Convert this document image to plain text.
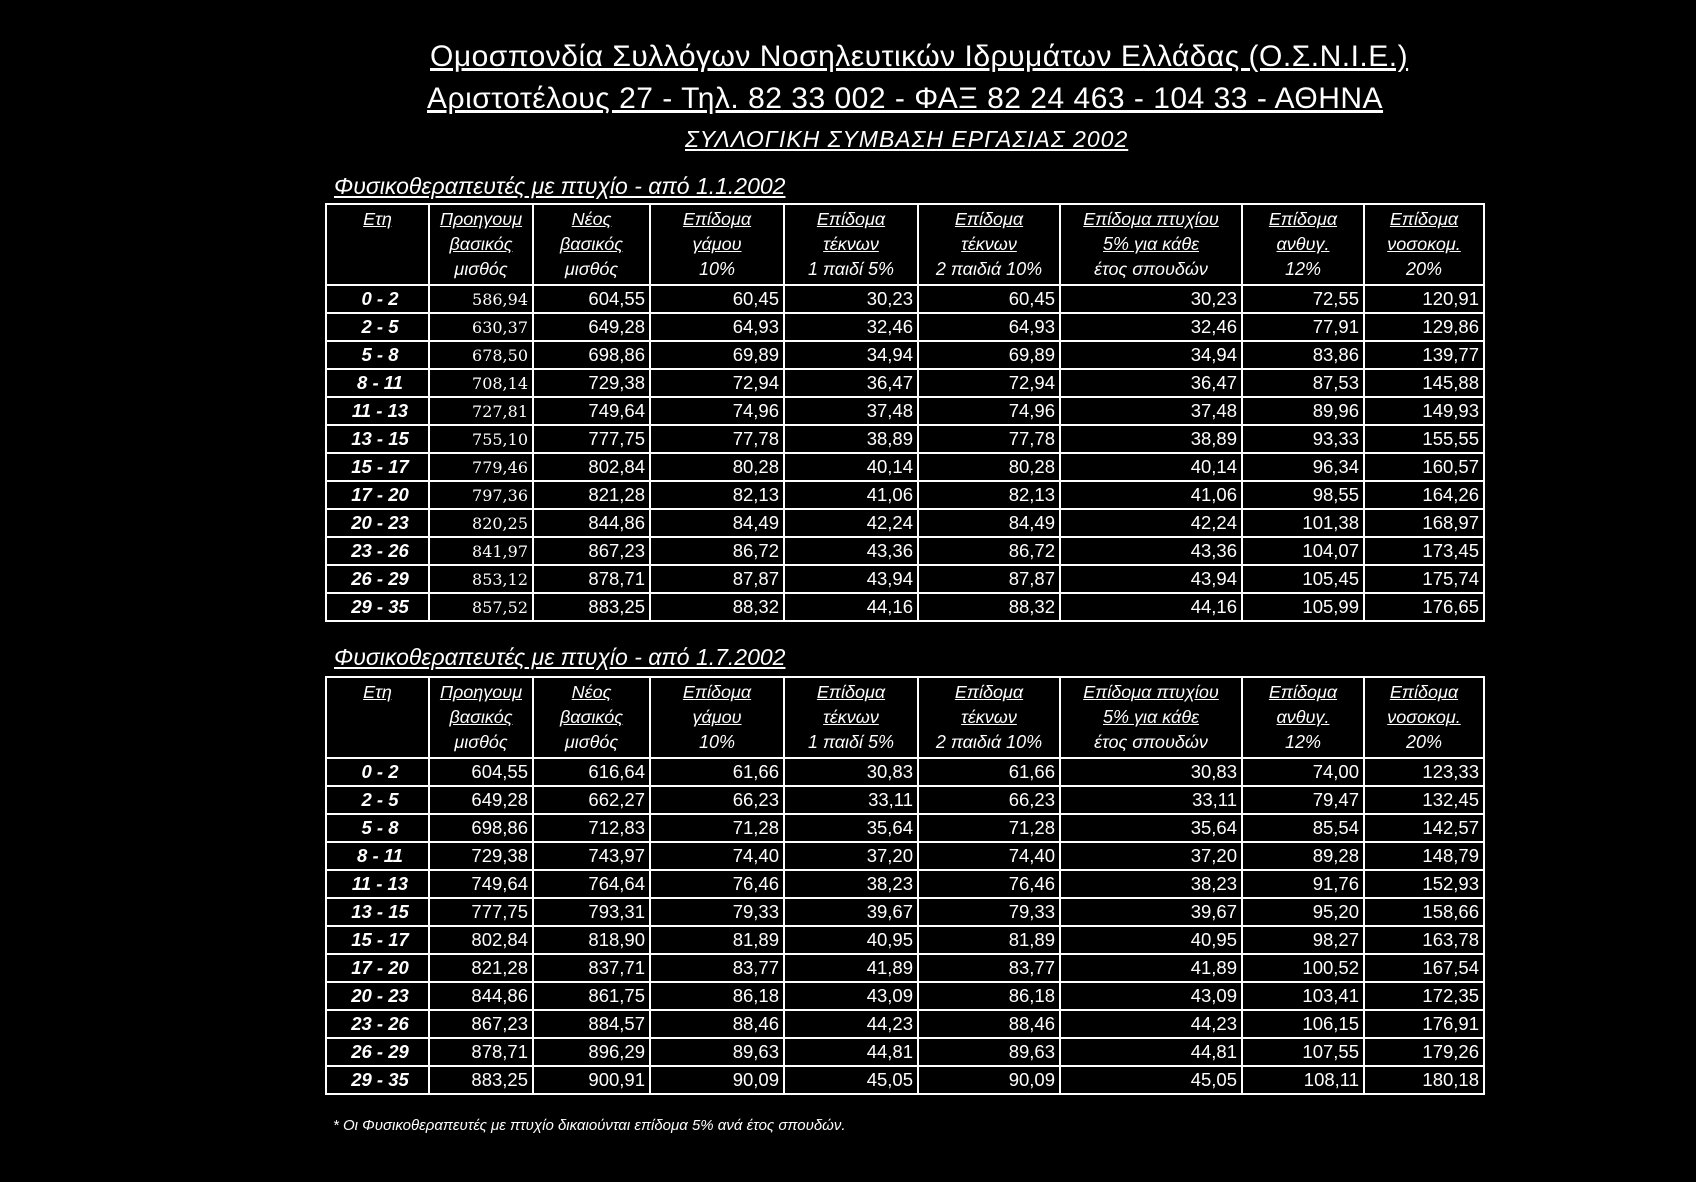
Ομοσπονδία Συλλόγων Νοσηλευτικών Ιδρυμάτων Ελλάδας (Ο.Σ.Ν.Ι.Ε.)
Αριστοτέλους 27 - Τηλ. 82 33 002 - ΦΑΞ 82 24 463 - 104 33 - ΑΘΗΝΑ
ΣΥΛΛΟΓΙΚΗ ΣΥΜΒΑΣΗ ΕΡΓΑΣΙΑΣ 2002
Φυσικοθεραπευτές με πτυχίο - από 1.1.2002
Ετη	Προηγουμ
βασικός
μισθός	Νέος
βασικός
μισθός	Επίδομα
γάμου
10%	Επίδομα
τέκνων
1 παιδί 5%	Επίδομα
τέκνων
2 παιδιά 10%	Επίδομα πτυχίου
5% για κάθε
έτος σπουδών	Επίδομα
ανθυγ.
12%	Επίδομα
νοσοκομ.
20%

0 - 2	586,94	604,55	60,45	30,23	60,45	30,23	72,55	120,91
2 - 5	630,37	649,28	64,93	32,46	64,93	32,46	77,91	129,86
5 - 8	678,50	698,86	69,89	34,94	69,89	34,94	83,86	139,77
8 - 11	708,14	729,38	72,94	36,47	72,94	36,47	87,53	145,88
11 - 13	727,81	749,64	74,96	37,48	74,96	37,48	89,96	149,93
13 - 15	755,10	777,75	77,78	38,89	77,78	38,89	93,33	155,55
15 - 17	779,46	802,84	80,28	40,14	80,28	40,14	96,34	160,57
17 - 20	797,36	821,28	82,13	41,06	82,13	41,06	98,55	164,26
20 - 23	820,25	844,86	84,49	42,24	84,49	42,24	101,38	168,97
23 - 26	841,97	867,23	86,72	43,36	86,72	43,36	104,07	173,45
26 - 29	853,12	878,71	87,87	43,94	87,87	43,94	105,45	175,74
29 - 35	857,52	883,25	88,32	44,16	88,32	44,16	105,99	176,65
Φυσικοθεραπευτές με πτυχίο - από 1.7.2002
Ετη	Προηγουμ
βασικός
μισθός	Νέος
βασικός
μισθός	Επίδομα
γάμου
10%	Επίδομα
τέκνων
1 παιδί 5%	Επίδομα
τέκνων
2 παιδιά 10%	Επίδομα πτυχίου
5% για κάθε
έτος σπουδών	Επίδομα
ανθυγ.
12%	Επίδομα
νοσοκομ.
20%

0 - 2	604,55	616,64	61,66	30,83	61,66	30,83	74,00	123,33
2 - 5	649,28	662,27	66,23	33,11	66,23	33,11	79,47	132,45
5 - 8	698,86	712,83	71,28	35,64	71,28	35,64	85,54	142,57
8 - 11	729,38	743,97	74,40	37,20	74,40	37,20	89,28	148,79
11 - 13	749,64	764,64	76,46	38,23	76,46	38,23	91,76	152,93
13 - 15	777,75	793,31	79,33	39,67	79,33	39,67	95,20	158,66
15 - 17	802,84	818,90	81,89	40,95	81,89	40,95	98,27	163,78
17 - 20	821,28	837,71	83,77	41,89	83,77	41,89	100,52	167,54
20 - 23	844,86	861,75	86,18	43,09	86,18	43,09	103,41	172,35
23 - 26	867,23	884,57	88,46	44,23	88,46	44,23	106,15	176,91
26 - 29	878,71	896,29	89,63	44,81	89,63	44,81	107,55	179,26
29 - 35	883,25	900,91	90,09	45,05	90,09	45,05	108,11	180,18
* Οι Φυσικοθεραπευτές με πτυχίο δικαιούνται επίδομα 5% ανά έτος σπουδών.
